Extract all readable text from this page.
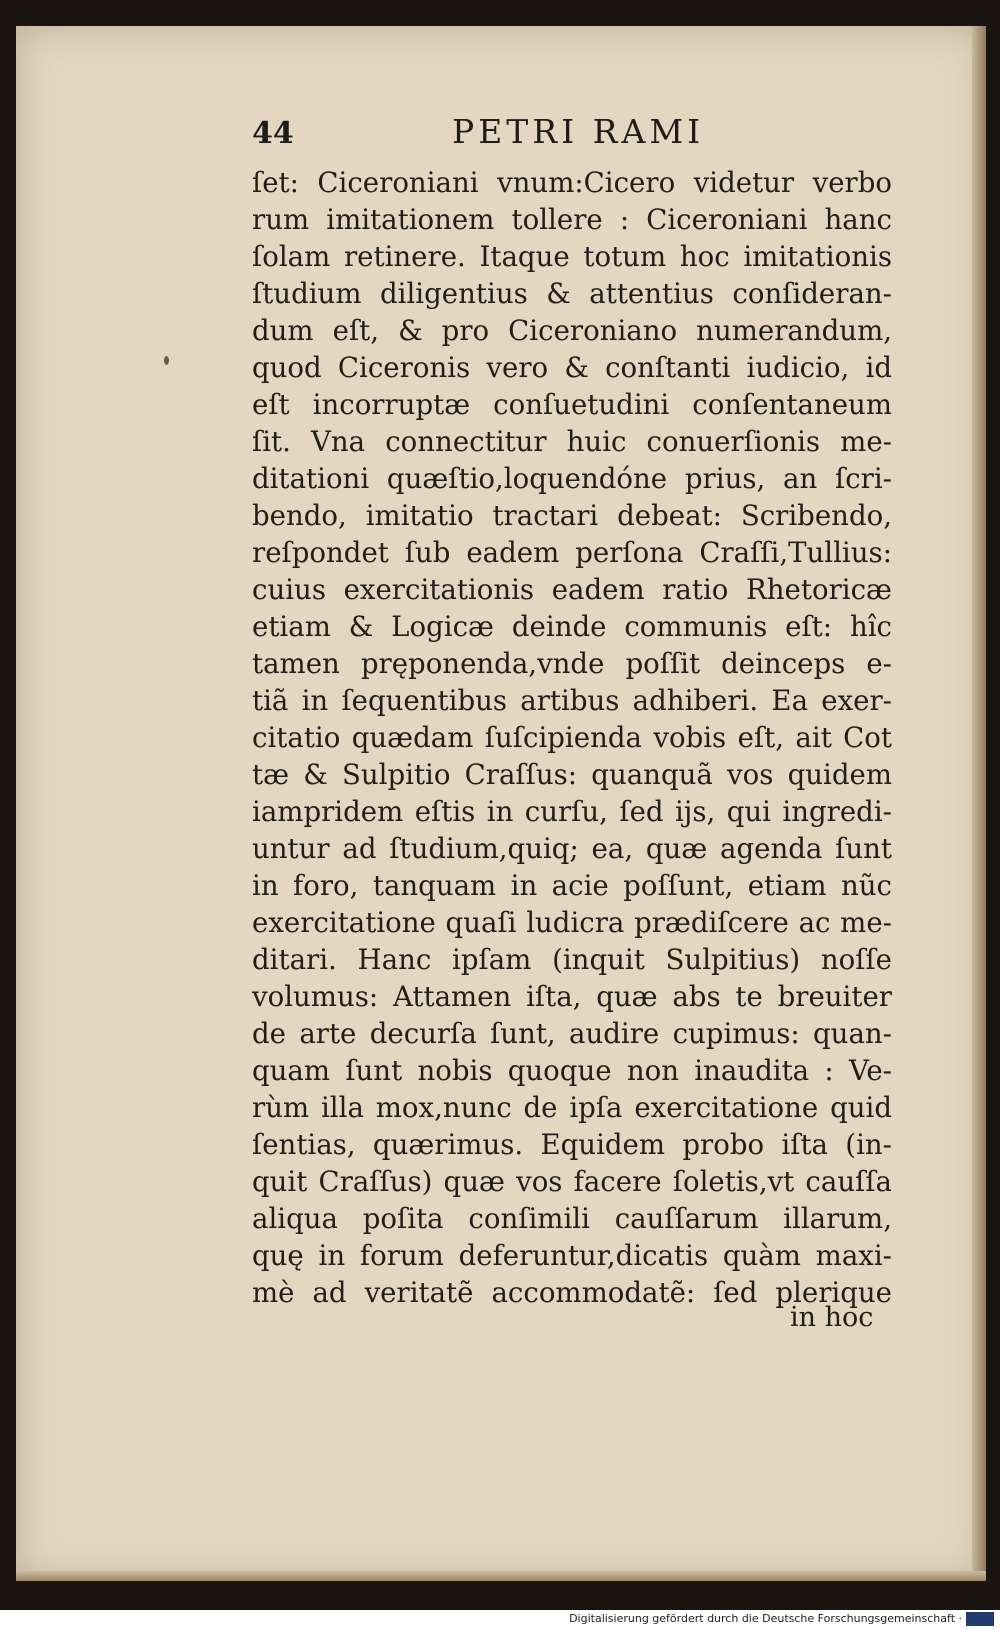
44	PETRI RAMI
ſet: Ciceroniani vnum:Cicero videtur verbo
rum imitationem tollere : Ciceroniani hanc
ſolam retinere. Itaque totum hoc imitationis
ſtudium diligentius & attentius conſideran-
dum eſt, & pro Ciceroniano numerandum,
quod Ciceronis vero & conſtanti iudicio, id
eſt incorruptæ conſuetudini conſentaneum
ſit. Vna connectitur huic conuerſionis me-
ditationi quæſtio,loquendóne prius, an ſcri-
bendo, imitatio tractari debeat: Scribendo,
reſpondet ſub eadem perſona Craſſi,Tullius:
cuius exercitationis eadem ratio Rhetoricæ
etiam & Logicæ deinde communis eſt: hîc
tamen pręponenda,vnde poſſit deinceps e-
tiã in ſequentibus artibus adhiberi. Ea exer-
citatio quædam ſuſcipienda vobis eſt, ait Cot
tæ & Sulpitio Craſſus: quanquã vos quidem
iampridem eſtis in curſu, ſed ijs, qui ingredi-
untur ad ſtudium,quiq; ea, quæ agenda ſunt
in foro, tanquam in acie poſſunt, etiam nũc
exercitatione quaſi ludicra prædiſcere ac me-
ditari. Hanc ipſam (inquit Sulpitius) noſſe
volumus: Attamen iſta, quæ abs te breuiter
de arte decurſa ſunt, audire cupimus: quan-
quam ſunt nobis quoque non inaudita : Ve-
rùm illa mox,nunc de ipſa exercitatione quid
ſentias, quærimus. Equidem probo iſta (in-
quit Craſſus) quæ vos facere ſoletis,vt cauſſa
aliqua poſita conſimili cauſſarum illarum,
quę in forum deferuntur,dicatis quàm maxi-
mè ad veritatẽ accommodatẽ: ſed plerique
in hoc
Digitalisierung gefördert durch die Deutsche Forschungsgemeinschaft ·
